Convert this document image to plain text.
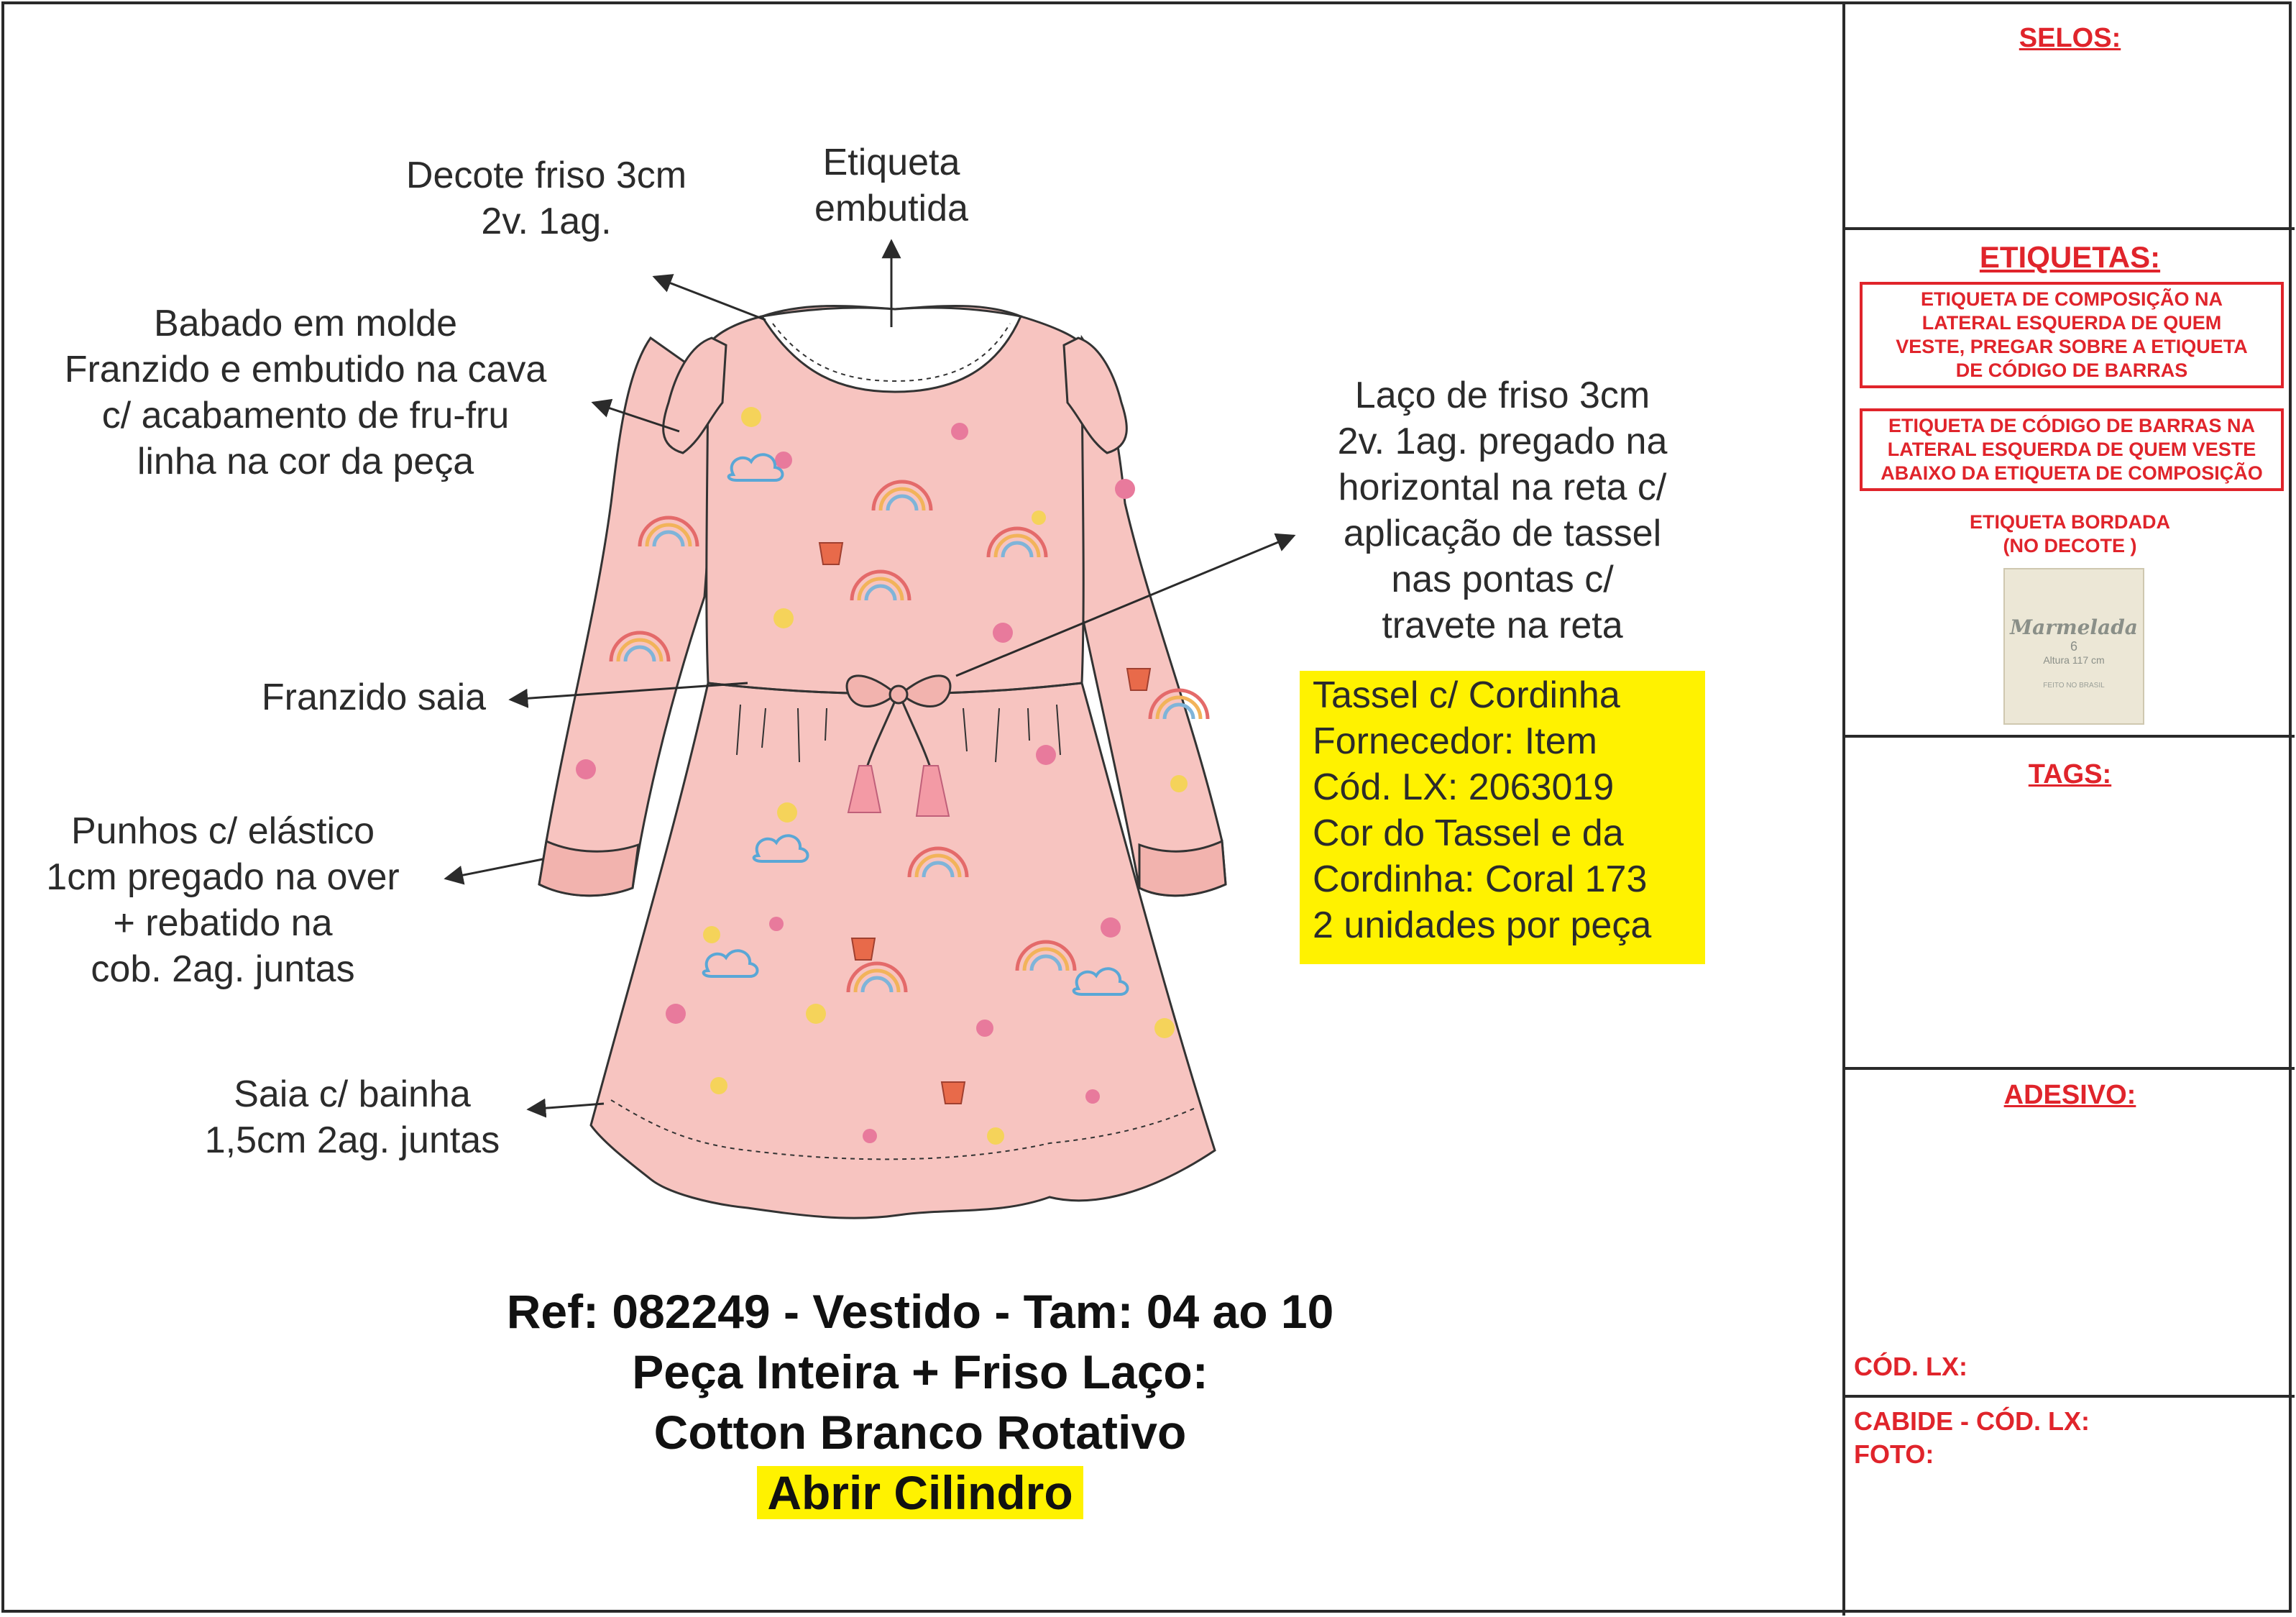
Decote friso 3cm
2v. 1ag.
Etiqueta
embutida
Babado em molde
Franzido e embutido na cava
c/ acabamento de fru-fru
linha na cor da peça
Laço de friso 3cm
2v. 1ag. pregado na
horizontal na reta c/
aplicação de tassel
nas pontas c/
travete na reta
Franzido saia
Punhos c/ elástico
1cm pregado na over
+ rebatido na
cob. 2ag. juntas
Saia c/ bainha
1,5cm 2ag. juntas
Tassel c/ Cordinha
Fornecedor: Item
Cód. LX: 2063019
Cor do Tassel e da
Cordinha: Coral 173
2 unidades por peça
Ref: 082249 - Vestido - Tam: 04 ao 10
Peça Inteira + Friso Laço:
Cotton Branco Rotativo
Abrir Cilindro
SELOS:
ETIQUETAS:
ETIQUETA DE COMPOSIÇÃO NA
LATERAL ESQUERDA DE QUEM
VESTE, PREGAR SOBRE A ETIQUETA
DE CÓDIGO DE BARRAS
ETIQUETA DE CÓDIGO DE BARRAS NA
LATERAL ESQUERDA DE QUEM VESTE
ABAIXO DA ETIQUETA DE COMPOSIÇÃO
ETIQUETA BORDADA
(NO DECOTE )
Marmelada
6
Altura 117 cm
FEITO NO BRASIL
TAGS:
ADESIVO:
CÓD. LX:
CABIDE - CÓD. LX:
FOTO:
